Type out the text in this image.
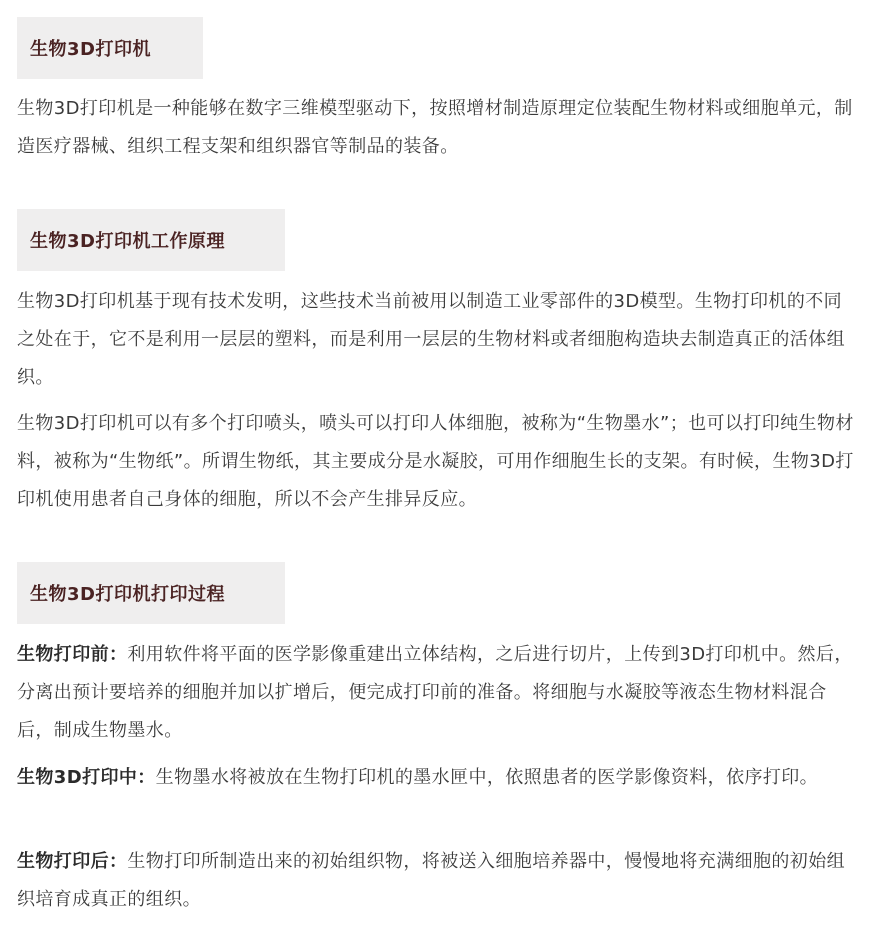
生物3D打印机

生物3D打印机是一种能够在数字三维模型驱动下，按照增材制造原理定位装配生物材料或细胞单元，制造医疗器械、组织工程支架和组织器官等制品的装备。

生物3D打印机工作原理

生物3D打印机基于现有技术发明，这些技术当前被用以制造工业零部件的3D模型。生物打印机的不同之处在于，它不是利用一层层的塑料，而是利用一层层的生物材料或者细胞构造块去制造真正的活体组织。

生物3D打印机可以有多个打印喷头，喷头可以打印人体细胞，被称为“生物墨水”；也可以打印纯生物材料，被称为“生物纸”。所谓生物纸，其主要成分是水凝胶，可用作细胞生长的支架。有时候，生物3D打印机使用患者自己身体的细胞，所以不会产生排异反应。

生物3D打印机打印过程

生物打印前：利用软件将平面的医学影像重建出立体结构，之后进行切片，上传到3D打印机中。然后，分离出预计要培养的细胞并加以扩增后，便完成打印前的准备。将细胞与水凝胶等液态生物材料混合后，制成生物墨水。

生物3D打印中：生物墨水将被放在生物打印机的墨水匣中，依照患者的医学影像资料，依序打印。

生物打印后：生物打印所制造出来的初始组织物，将被送入细胞培养器中，慢慢地将充满细胞的初始组织培育成真正的组织。
